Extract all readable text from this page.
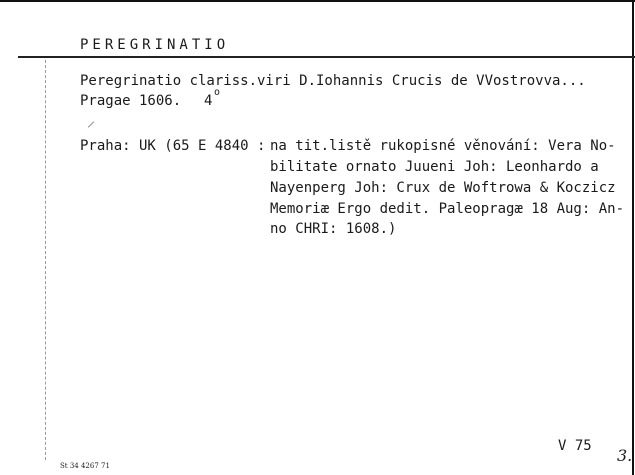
PEREGRINATIO
Peregrinatio clariss.viri D.Iohannis Crucis de VVostrovva...
Pragae 1606. 4
o
Praha: UK (65 E 4840 : na tit.listě rukopisné věnování: Vera No-
bilitate ornato Juueni Joh: Leonhardo a
Nayenperg Joh: Crux de Woftrowa & Koczicz
Memoriæ Ergo dedit. Paleopragæ 18 Aug: An-
no CHRI: 1608.)
V 75 3.
St 34 4267 71
